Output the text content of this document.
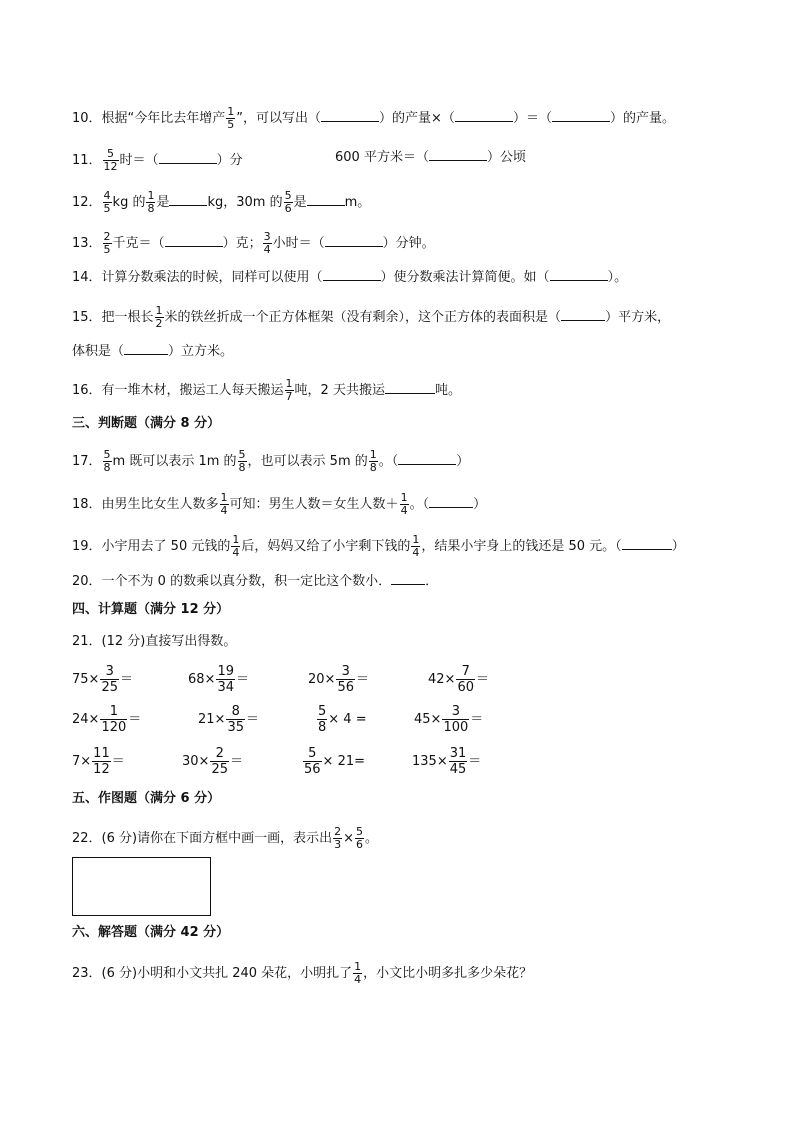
10．根据“今年比去年增产 $\frac{1}{5}$ ”，可以写出（	）的产量×（	）＝（	）的产量。
11． $\frac{5}{12}$ 时＝（	）分	600 平方米＝（	）公顷
12． $\frac{4}{5}$ kg 的 $\frac{1}{8}$ 是	kg，30m 的 $\frac{5}{6}$ 是	m。
13． $\frac{2}{5}$ 千克＝（	）克； $\frac{3}{4}$ 小时＝（	）分钟。
14．计算分数乘法的时候，同样可以使用（	）使分数乘法计算简便。如（	）。
15．把一根长 $\frac{1}{2}$ 米的铁丝折成一个正方体框架（没有剩余），这个正方体的表面积是（	）平方米，
体积是（	）立方米。
16．有一堆木材，搬运工人每天搬运 $\frac{1}{7}$ 吨，2 天共搬运	吨。
三、判断题（满分 8 分）
17． $\frac{5}{8}$ m 既可以表示 1m 的 $\frac{5}{8}$ ，也可以表示 5m 的 $\frac{1}{8}$ 。（	）
18．由男生比女生人数多 $\frac{1}{4}$ 可知：男生人数＝女生人数＋ $\frac{1}{4}$ 。（	）
19．小宇用去了 50 元钱的 $\frac{1}{4}$ 后，妈妈又给了小宇剩下钱的 $\frac{1}{4}$ ，结果小宇身上的钱还是 50 元。（	）
20．一个不为 0 的数乘以真分数，积一定比这个数小．	．
四、计算题（满分 12 分）
21．(12 分)直接写出得数。
$75\times \frac{3}{25}$ ＝	$68\times \frac{19}{34}$ ＝	$20\times \frac{3}{56}$ ＝	$42\times \frac{7}{60}$ ＝
$24\times \frac{1}{120}$ ＝	$21\times \frac{8}{35}$ ＝	$\frac{5}{8} \times 4$ =	$45\times \frac{3}{100}$ ＝
$7\times \frac{11}{12}$ ＝	$30\times \frac{2}{25}$ ＝	$\frac{5}{56} \times 21=$	$135\times \frac{31}{45}$ ＝
五、作图题（满分 6 分）
22．(6 分)请你在下面方框中画一画，表示出 $\frac{2}{3} \times \frac{5}{6}$ 。
六、解答题（满分 42 分）
23．(6 分)小明和小文共扎 240 朵花，小明扎了 $\frac{1}{4}$ ，小文比小明多扎多少朵花？
